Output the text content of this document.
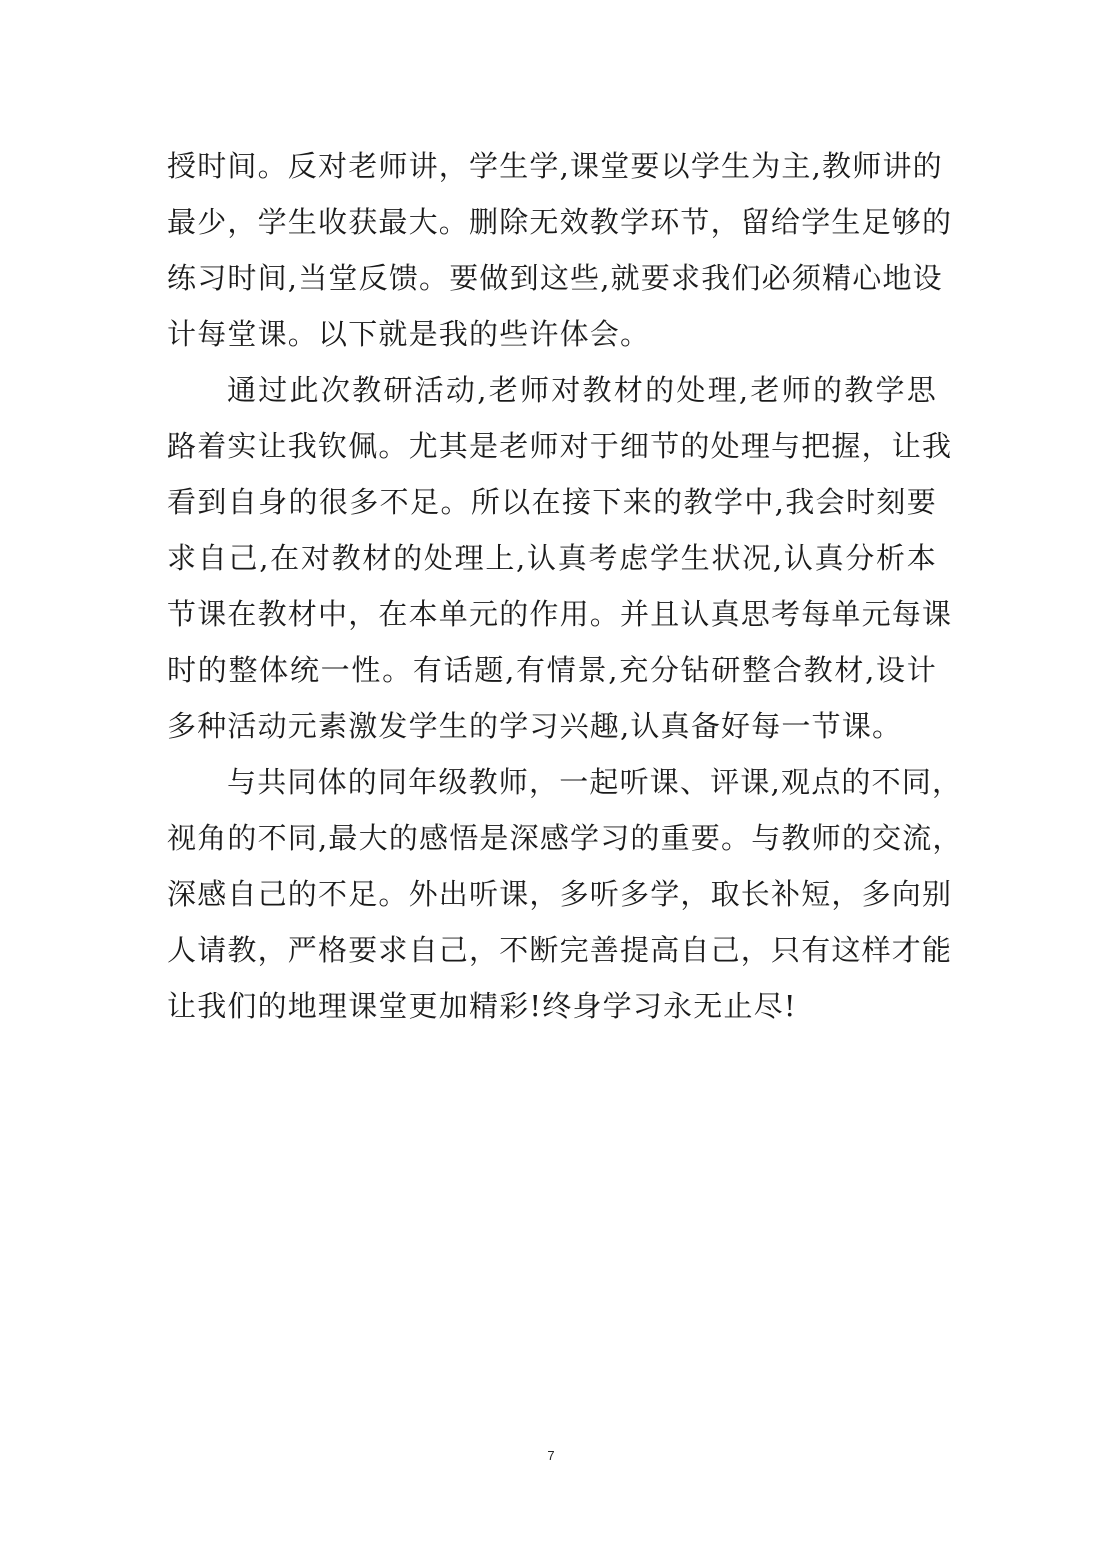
授时间。反对老师讲，学生学,课堂要以学生为主,教师讲的
最少，学生收获最大。删除无效教学环节，留给学生足够的
练习时间,当堂反馈。要做到这些,就要求我们必须精心地设
计每堂课。以下就是我的些许体会。
通过此次教研活动,老师对教材的处理,老师的教学思
路着实让我钦佩。尤其是老师对于细节的处理与把握，让我
看到自身的很多不足。所以在接下来的教学中,我会时刻要
求自己,在对教材的处理上,认真考虑学生状况,认真分析本
节课在教材中，在本单元的作用。并且认真思考每单元每课
时的整体统一性。有话题,有情景,充分钻研整合教材,设计
多种活动元素激发学生的学习兴趣,认真备好每一节课。
与共同体的同年级教师，一起听课、评课,观点的不同，
视角的不同,最大的感悟是深感学习的重要。与教师的交流，
深感自己的不足。外出听课，多听多学，取长补短，多向别
人请教，严格要求自己，不断完善提高自己，只有这样才能
让我们的地理课堂更加精彩!终身学习永无止尽!
7
